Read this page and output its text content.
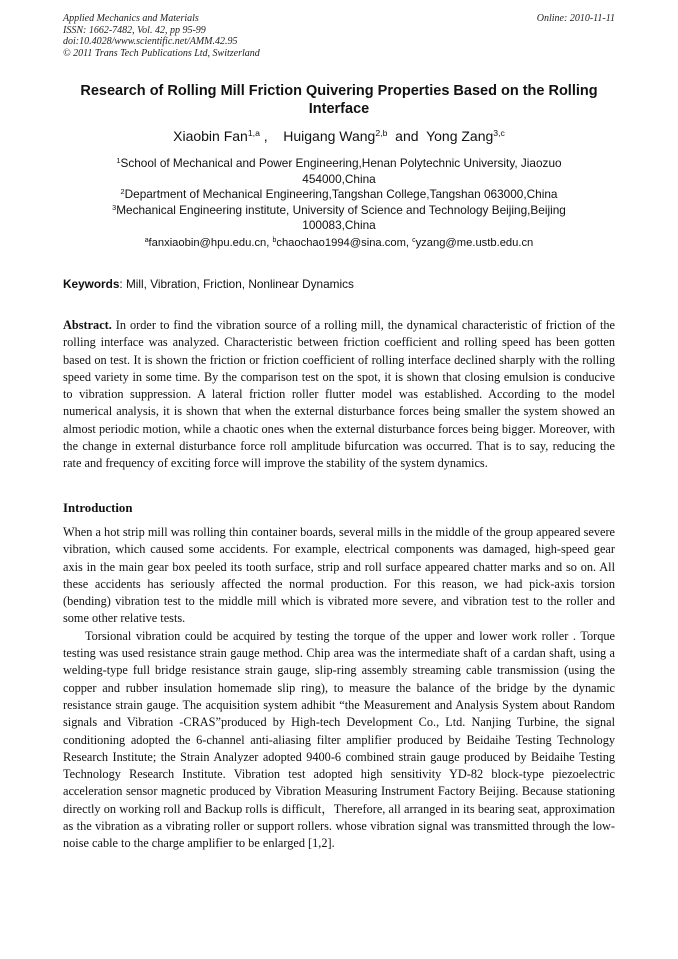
Applied Mechanics and Materials
ISSN: 1662-7482, Vol. 42, pp 95-99
doi:10.4028/www.scientific.net/AMM.42.95
© 2011 Trans Tech Publications Ltd, Switzerland
Online: 2010-11-11
Research of Rolling Mill Friction Quivering Properties Based on the Rolling Interface
Xiaobin Fan$^{1,a}$ ,    Huigang Wang$^{2,b}$  and  Yong Zang$^{3,c}$

$^1$School of Mechanical and Power Engineering,Henan Polytechnic University, Jiaozuo 454000,China

$^2$Department of Mechanical Engineering,Tangshan College,Tangshan 063000,China

$^3$Mechanical Engineering institute, University of Science and Technology Beijing,Beijing 100083,China

$^a$fanxiaobin@hpu.edu.cn, $^b$chaochao1994@sina.com, $^c$yzang@me.ustb.edu.cn
Keywords: Mill, Vibration, Friction, Nonlinear Dynamics

Abstract. In order to find the vibration source of a rolling mill, the dynamical characteristic of friction of the rolling interface was analyzed. Characteristic between friction coefficient and rolling speed has been gotten based on test. It is shown the friction or friction coefficient of rolling interface declined sharply with the rolling speed variety in some time. By the comparison test on the spot, it is shown that closing emulsion is conducive to vibration suppression. A lateral friction roller flutter model was established. According to the model numerical analysis, it is shown that when the external disturbance forces being smaller the system showed an almost periodic motion, while a chaotic ones when the external disturbance forces being bigger. Moreover, with the change in external disturbance force roll amplitude bifurcation was occurred. That is to say, reducing the rate and frequency of exciting force will improve the stability of the system dynamics.

Introduction

When a hot strip mill was rolling thin container boards, several mills in the middle of the group appeared severe vibration, which caused some accidents. For example, electrical components was damaged, high-speed gear axis in the main gear box peeled its tooth surface, strip and roll surface appeared chatter marks and so on. All these accidents has seriously affected the normal production. For this reason, we had pick-axis torsion (bending) vibration test to the middle mill which is vibrated more severe, and vibration test to the roller and some other relative tests.

Torsional vibration could be acquired by testing the torque of the upper and lower work roller . Torque testing was used resistance strain gauge method. Chip area was the intermediate shaft of a cardan shaft, using a welding-type full bridge resistance strain gauge, slip-ring assembly streaming cable transmission (using the copper and rubber insulation homemade slip ring), to measure the balance of the bridge by the dynamic resistance strain gauge. The acquisition system adhibit “the Measurement and Analysis System about Random signals and Vibration -CRAS”produced by High-tech Development Co., Ltd. Nanjing Turbine, the signal conditioning adopted the 6-channel anti-aliasing filter amplifier produced by Beidaihe Testing Technology Research Institute; the Strain Analyzer adopted 9400-6 combined strain gauge produced by Beidaihe Testing Technology Research Institute. Vibration test adopted high sensitivity YD-82 block-type piezoelectric acceleration sensor magnetic produced by Vibration Measuring Instrument Factory Beijing. Because stationing directly on working roll and Backup rolls is difficult，Therefore, all arranged in its bearing seat, approximation as the vibration as a vibrating roller or support rollers. whose vibration signal was transmitted through the low-noise cable to the charge amplifier to be enlarged [1,2].
